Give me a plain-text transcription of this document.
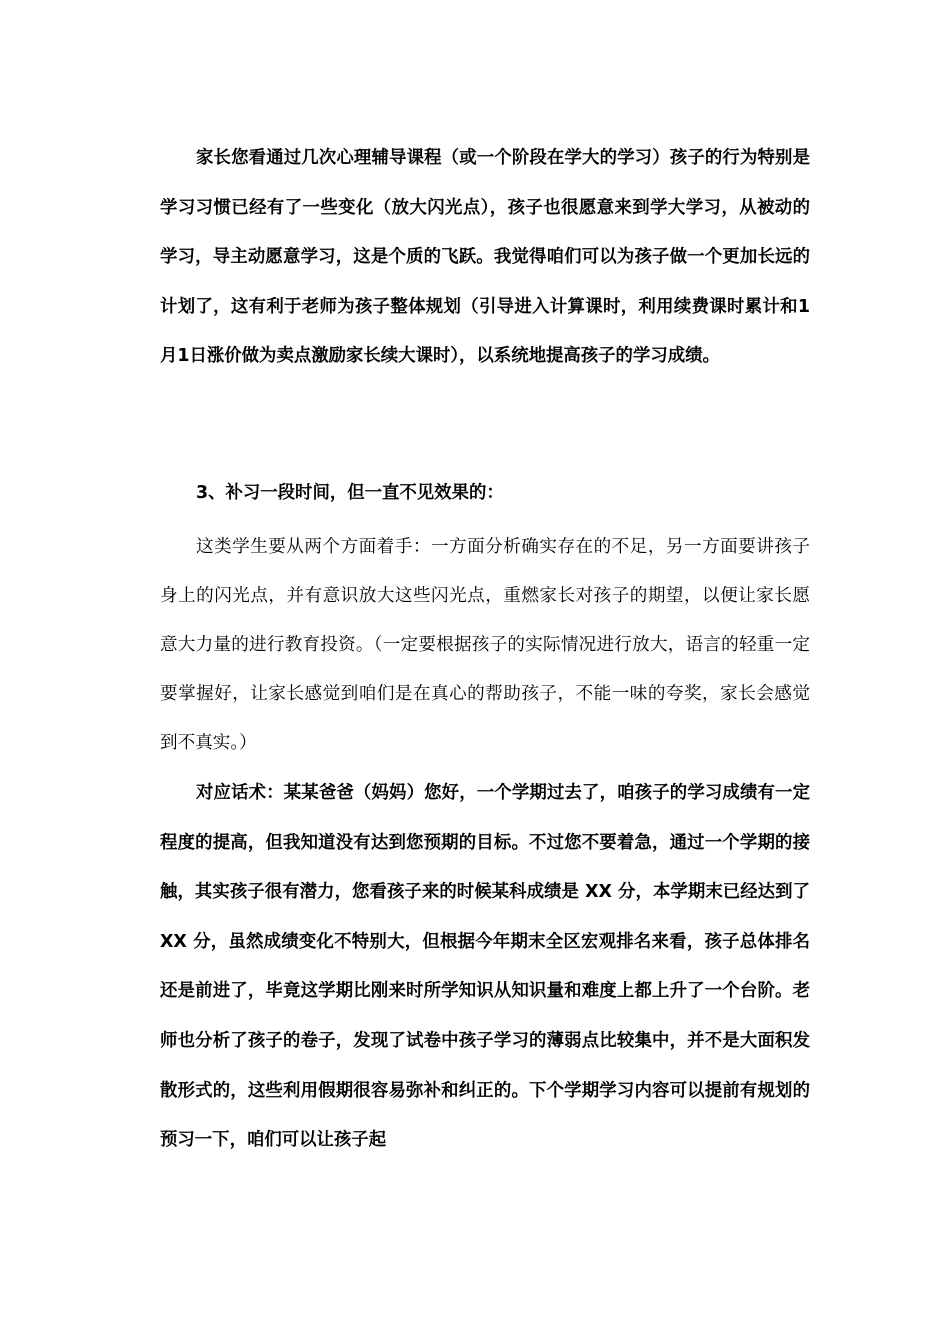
家长您看通过几次心理辅导课程（或一个阶段在学大的学习）孩子的行为特别是学习习惯已经有了一些变化（放大闪光点），孩子也很愿意来到学大学习，从被动的学习，导主动愿意学习，这是个质的飞跃。我觉得咱们可以为孩子做一个更加长远的计划了，这有利于老师为孩子整体规划（引导进入计算课时，利用续费课时累计和1月1日涨价做为卖点激励家长续大课时），以系统地提高孩子的学习成绩。

3、补习一段时间，但一直不见效果的：

这类学生要从两个方面着手：一方面分析确实存在的不足，另一方面要讲孩子身上的闪光点，并有意识放大这些闪光点，重燃家长对孩子的期望，以便让家长愿意大力量的进行教育投资。（一定要根据孩子的实际情况进行放大，语言的轻重一定要掌握好，让家长感觉到咱们是在真心的帮助孩子，不能一味的夸奖，家长会感觉到不真实。）

对应话术：某某爸爸（妈妈）您好，一个学期过去了，咱孩子的学习成绩有一定程度的提高，但我知道没有达到您预期的目标。不过您不要着急，通过一个学期的接触，其实孩子很有潜力，您看孩子来的时候某科成绩是 XX 分，本学期末已经达到了 XX 分，虽然成绩变化不特别大，但根据今年期末全区宏观排名来看，孩子总体排名还是前进了，毕竟这学期比刚来时所学知识从知识量和难度上都上升了一个台阶。老师也分析了孩子的卷子，发现了试卷中孩子学习的薄弱点比较集中，并不是大面积发散形式的，这些利用假期很容易弥补和纠正的。下个学期学习内容可以提前有规划的预习一下，咱们可以让孩子起
